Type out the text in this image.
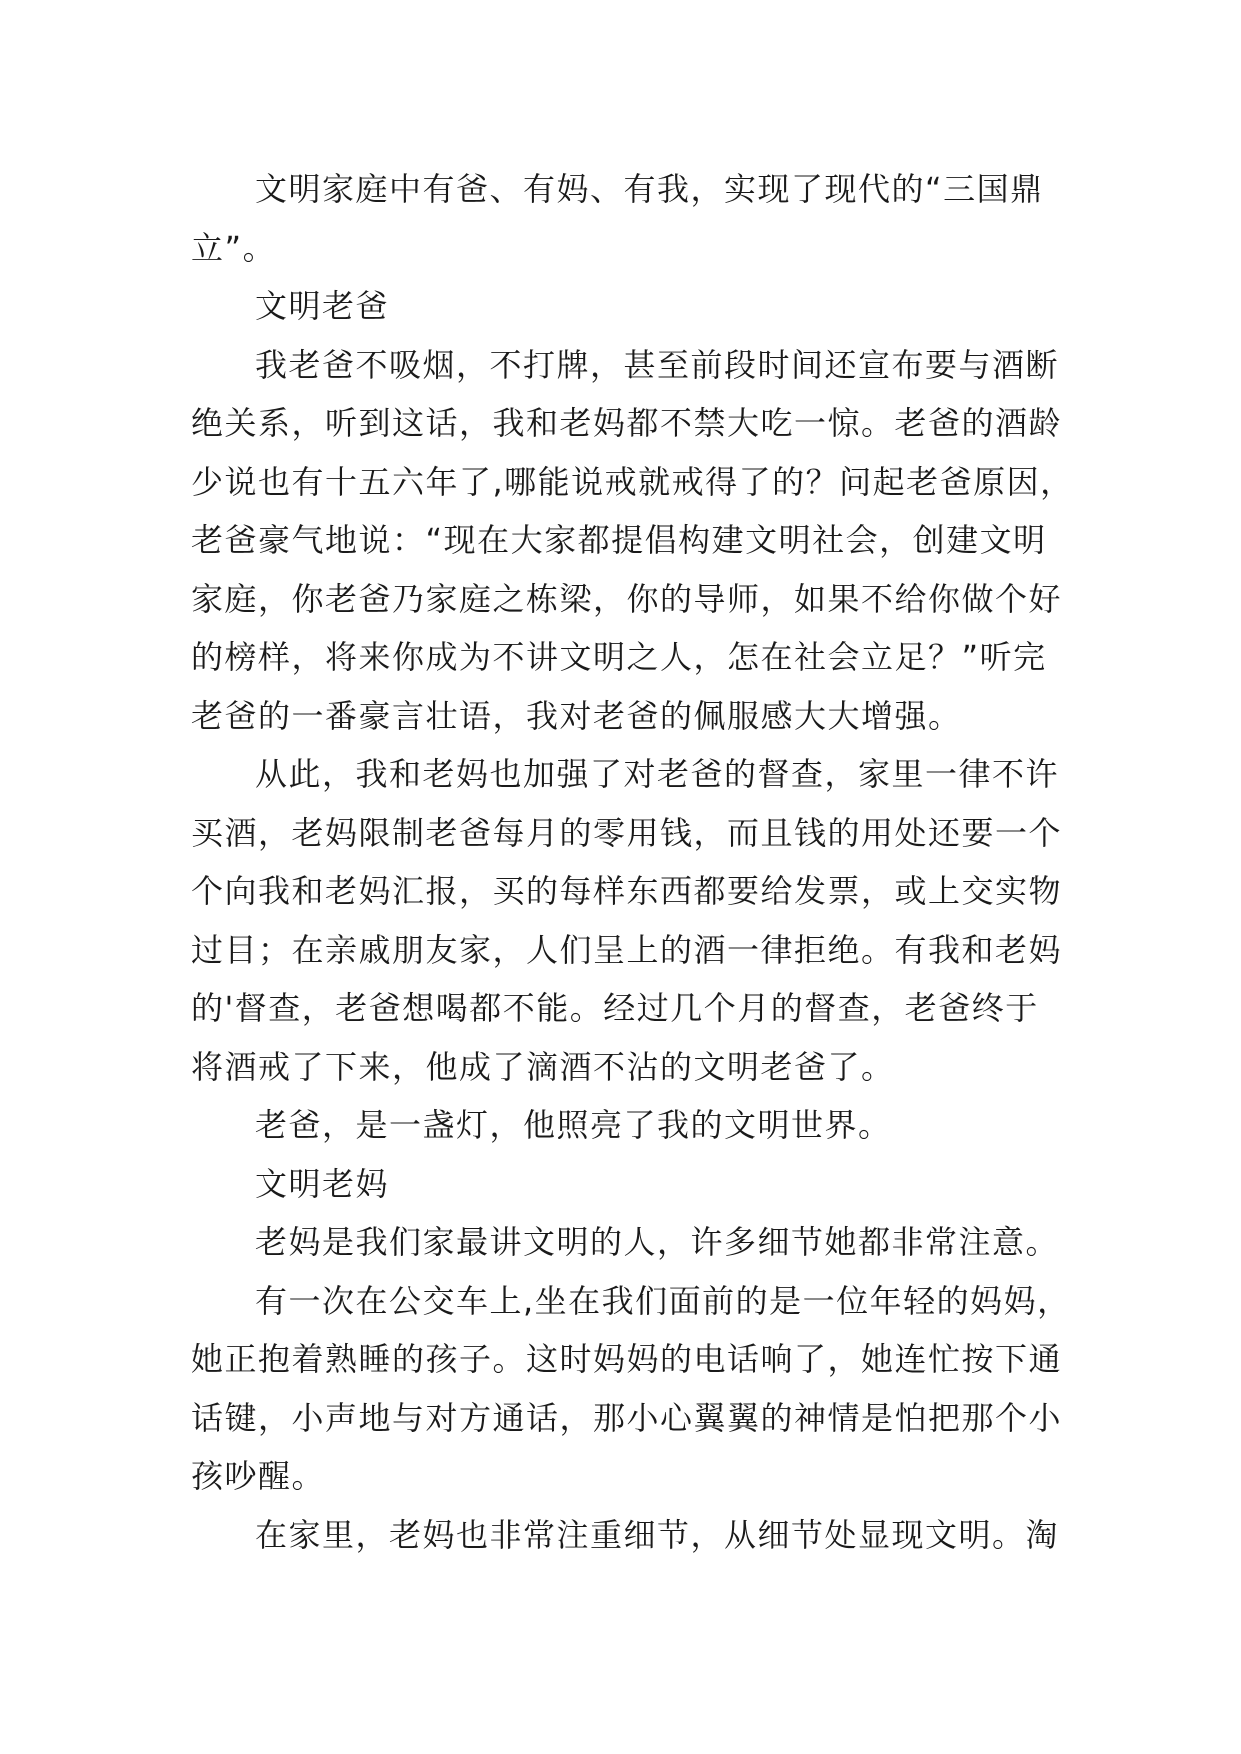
文明家庭中有爸、有妈、有我，实现了现代的“三国鼎
立”。
文明老爸
我老爸不吸烟，不打牌，甚至前段时间还宣布要与酒断
绝关系，听到这话，我和老妈都不禁大吃一惊。老爸的酒龄
少说也有十五六年了,哪能说戒就戒得了的？问起老爸原因，
老爸豪气地说：“现在大家都提倡构建文明社会，创建文明
家庭，你老爸乃家庭之栋梁，你的导师，如果不给你做个好
的榜样，将来你成为不讲文明之人，怎在社会立足？”听完
老爸的一番豪言壮语，我对老爸的佩服感大大增强。
从此，我和老妈也加强了对老爸的督查，家里一律不许
买酒，老妈限制老爸每月的零用钱，而且钱的用处还要一个
个向我和老妈汇报，买的每样东西都要给发票，或上交实物
过目；在亲戚朋友家，人们呈上的酒一律拒绝。有我和老妈
的'督查，老爸想喝都不能。经过几个月的督查，老爸终于
将酒戒了下来，他成了滴酒不沾的文明老爸了。
老爸，是一盏灯，他照亮了我的文明世界。
文明老妈
老妈是我们家最讲文明的人，许多细节她都非常注意。
有一次在公交车上,坐在我们面前的是一位年轻的妈妈，
她正抱着熟睡的孩子。这时妈妈的电话响了，她连忙按下通
话键，小声地与对方通话，那小心翼翼的神情是怕把那个小
孩吵醒。
在家里，老妈也非常注重细节，从细节处显现文明。淘
